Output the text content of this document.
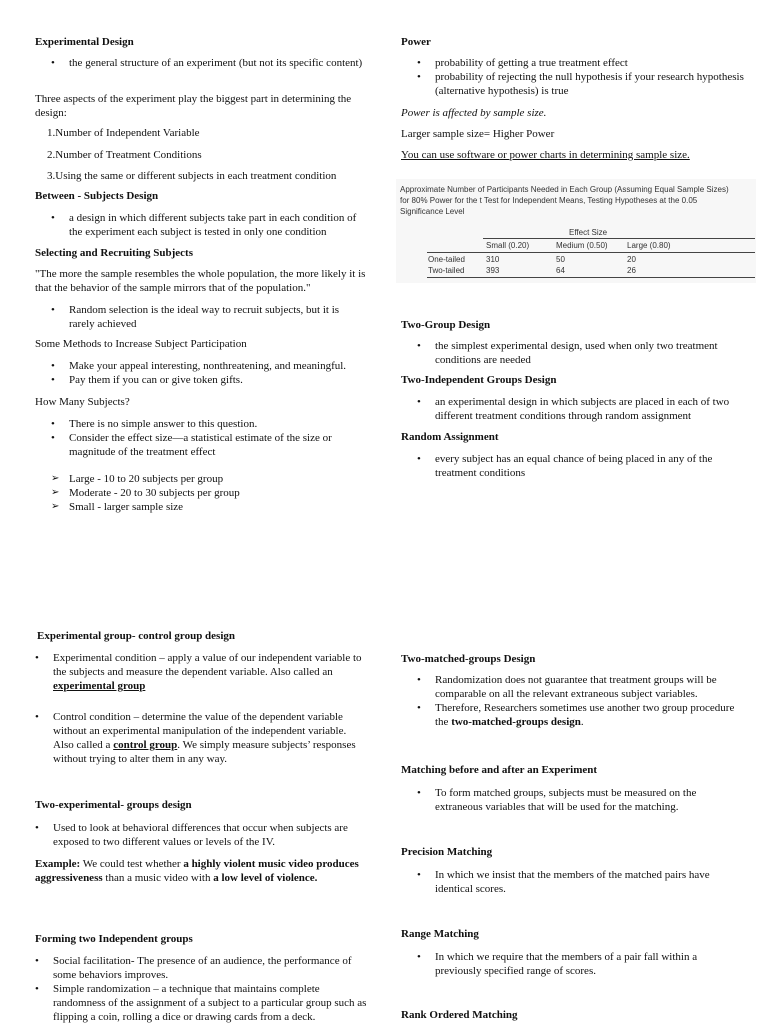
Experimental Design

• the general structure of an experiment (but not its specific content)

Three aspects of the experiment play the biggest part in determining the design:

1.Number of Independent Variable

2.Number of Treatment Conditions

3.Using the same or different subjects in each treatment condition

Between - Subjects Design

• a design in which different subjects take part in each condition of the experiment each subject is tested in only one condition

Selecting and Recruiting Subjects

"The more the sample resembles the whole population, the more likely it is that the behavior of the sample mirrors that of the population."

• Random selection is the ideal way to recruit subjects, but it is rarely achieved

Some Methods to Increase Subject Participation

• Make your appeal interesting, nonthreatening, and meaningful.
• Pay them if you can or give token gifts.

How Many Subjects?

• There is no simple answer to this question.
• Consider the effect size—a statistical estimate of the size or magnitude of the treatment effect
➢ Large - 10 to 20 subjects per group
➢ Moderate - 20 to 30 subjects per group
➢ Small - larger sample size

Power

• probability of getting a true treatment effect
• probability of rejecting the null hypothesis if your research hypothesis (alternative hypothesis) is true

Power is affected by sample size.

Larger sample size= Higher Power

You can use software or power charts in determining sample size.

Approximate Number of Participants Needed in Each Group (Assuming Equal Sample Sizes) for 80% Power for the t Test for Independent Means, Testing Hypotheses at the 0.05 Significance Level

Effect Size
Small (0.20)	Medium (0.50) Large (0.80)
One-tailed	310	50	20
Two-tailed	393	64	26

Two-Group Design

• the simplest experimental design, used when only two treatment conditions are needed

Two-Independent Groups Design

• an experimental design in which subjects are placed in each of two different treatment conditions through random assignment

Random Assignment

• every subject has an equal chance of being placed in any of the treatment conditions

Experimental group- control group design

• Experimental condition – apply a value of our independent variable to the subjects and measure the dependent variable. Also called an experimental group
• Control condition – determine the value of the dependent variable without an experimental manipulation of the independent variable. Also called a control group. We simply measure subjects’ responses without trying to alter them in any way.

Two-experimental- groups design

• Used to look at behavioral differences that occur when subjects are exposed to two different values or levels of the IV.

Example: We could test whether a highly violent music video produces aggressiveness than a music video with a low level of violence.

Forming two Independent groups

• Social facilitation- The presence of an audience, the performance of some behaviors improves.
• Simple randomization – a technique that maintains complete randomness of the assignment of a subject to a particular group such as flipping a coin, rolling a dice or drawing cards from a deck.

Two-matched-groups Design

• Randomization does not guarantee that treatment groups will be comparable on all the relevant extraneous subject variables.
• Therefore, Researchers sometimes use another two group procedure the two-matched-groups design.

Matching before and after an Experiment

• To form matched groups, subjects must be measured on the extraneous variables that will be used for the matching.

Precision Matching

• In which we insist that the members of the matched pairs have identical scores.

Range Matching

• In which we require that the members of a pair fall within a previously specified range of scores.

Rank Ordered Matching
